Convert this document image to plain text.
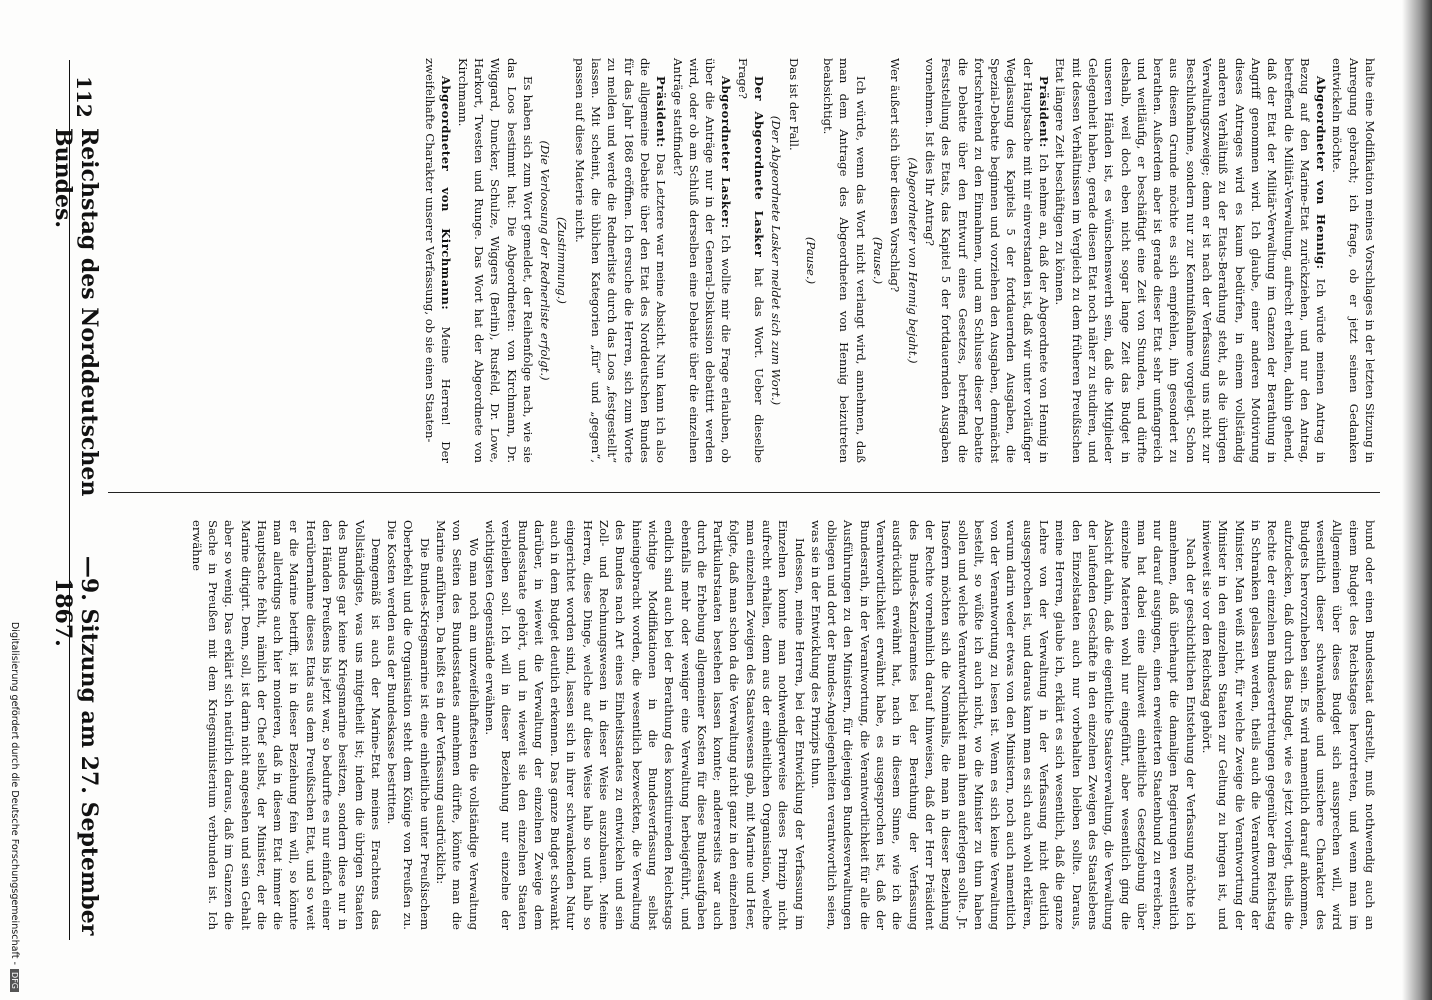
halte eine Modifikation meines Vorschlages in der letzten Sitzung in Anregung gebracht; ich frage, ob er jetzt seinen Gedanken entwickeln möchte.

Abgeordneter von Hennig: Ich würde meinen Antrag in Bezug auf den Marine-Etat zurückziehen, und nur den Antrag, betreffend die Militär-Verwaltung, aufrecht erhalten, dahin gehend, daß der Etat der Militär-Verwaltung im Ganzen der Berathung in Angriff genommen wird. Ich glaube, einer anderen Motivirung dieses Antrages wird es kaum bedürfen, in einem vollständig anderen Verhältniß zu der Etats-Berathung steht, als die übrigen Verwaltungszweige; denn er ist nach der Verfassung uns nicht zur Beschlußnahme, sondern nur zur Kenntnißnahme vorgelegt. Schon aus diesem Grunde möchte es sich empfehlen, ihn gesondert zu berathen. Außerdem aber ist gerade dieser Etat sehr umfangreich und weitläufig, er beschäftigt eine Zeit von Stunden, und dürfte deshalb, weil doch eben nicht sogar lange Zeit das Budget in unseren Händen ist, es wünschenswerth sein, daß die Mitglieder Gelegenheit haben, gerade diesen Etat noch näher zu studiren, und mit dessen Verhältnissen im Vergleich zu dem früheren Preußischen Etat längere Zeit beschäftigen zu können.

Präsident: Ich nehme an, daß der Abgeordnete von Hennig in der Hauptsache mit mir einverstanden ist, daß wir unter vorläufiger Weglassung des Kapitels 5 der fortdauernden Ausgaben, die Spezial-Debatte beginnen und vorziehen den Ausgaben, demnächst fortschreitend zu den Einnahmen, und am Schlusse dieser Debatte die Debatte über den Entwurf eines Gesetzes, betreffend die Feststellung des Etats, das Kapitel 5 der fortdauernden Ausgaben vornehmen. Ist dies Ihr Antrag?

(Abgeordneter von Hennig bejaht.)

Wer äußert sich über diesen Vorschlag?

(Pause.)

Ich würde, wenn das Wort nicht verlangt wird, annehmen, daß man dem Antrage des Abgeordneten von Hennig beizutreten beabsichtigt.

(Pause.)

Das ist der Fall.

(Der Abgeordnete Lasker meldet sich zum Wort.)

Der Abgeordnete Lasker hat das Wort. Ueber dieselbe Frage?

Abgeordneter Lasker: Ich wollte mir die Frage erlauben, ob über die Anträge nur in der General-Diskussion debattirt werden wird, oder ob am Schluß derselben eine Debatte über die einzelnen Anträge stattfindet?

Präsident: Das Letztere war meine Absicht. Nun kann ich also die allgemeine Debatte über den Etat des Norddeutschen Bundes für das Jahr 1868 eröffnen. Ich ersuche die Herren, sich zum Worte zu melden und werde die Rednerliste durch das Loos „festgestellt“ lassen. Mit scheint, die üblichen Kategorien „für“ und „gegen“, passen auf diese Materie nicht.

(Zustimmung.)

(Die Verloosung der Rednerliste erfolgt.)

Es haben sich zum Wort gemeldet, der Reihenfolge nach, wie sie das Loos bestimmt hat: Die Abgeordneten: von Kirchmann, Dr. Wiggard, Duncker, Schulze, Wiggers (Berlin), Rusfeld, Dr. Lowe, Harkort, Twesten und Runge. Das Wort hat der Abgeordnete von Kirchmann.

Abgeordneter von Kirchmann: Meine Herren! Der zweifelhafte Charakter unserer Verfassung, ob sie einen Staaten-

bund oder einen Bundesstaat darstellt, muß nothwendig auch an einem Budget des Reichstages hervortreten, und wenn man im Allgemeinen über dieses Budget sich aussprechen will, wird wesentlich dieser schwankende und unsichere Charakter des Budgets hervorzuheben sein. Es wird namentlich darauf ankommen, aufzudecken, daß durch das Budget, wie es jetzt vorliegt, theils die Rechte der einzelnen Bundesvertretungen gegenüber dem Reichstag in Schranken gelassen werden, theils auch die Verantwortung der Minister. Man weiß nicht, für welche Zweige die Verantwortung der Minister in den einzelnen Staaten zur Geltung zu bringen ist, und inwieweit sie vor den Reichstag gehört.

Nach der geschichtlichen Entstehung der Verfassung möchte ich annehmen, daß überhaupt die damaligen Regierungen wesentlich nur darauf ausgingen, einen erweiterten Staatenbund zu erreichen; man hat dabei eine allzuweit einheitliche Gesetzgebung über einzelne Materien wohl nur eingeführt, aber wesentlich ging die Absicht dahin, daß die eigentliche Staatsverwaltung, die Verwaltung der laufenden Geschäfte in den einzelnen Zweigen des Staatslebens den Einzelstaaten auch nur vorbehalten bleiben sollte. Daraus, meine Herren, glaube ich, erklärt es sich wesentlich, daß die ganze Lehre von der Verwaltung in der Verfassung nicht deutlich ausgesprochen ist, und daraus kann man es sich auch wohl erklären, warum darin weder etwas von den Ministern, noch auch namentlich von der Verantwortung zu lesen ist. Wenn es sich keine Verwaltung bestellt, so wüßte ich auch nicht, wo die Minister zu thun haben sollen und welche Verantwortlichkeit man ihnen auferlegen sollte. Jr. Insofern möchten sich die Nominalis, die man in dieser Beziehung der Rechte vornehmlich darauf hinweisen, daß der Herr Präsident des Bundes-Kanzleramtes bei der Berathung der Verfassung ausdrücklich erwähnt hat, nach in diesem Sinne, wie ich die Verantwortlichkeit erwähnt habe, es ausgesprochen ist, daß der Bundesrath, in der Verantwortung, die Verantwortlichkeit für alle die Ausführungen zu den Ministern, für diejenigen Bundesverwaltungen obliegen und dort der Bundes-Angelegenheiten verantwortlich seien, was sie in der Entwicklung des Prinzips thun.

Indessen, meine Herren, bei der Entwicklung der Verfassung im Einzelnen konnte man nothwendigerweise dieses Prinzip nicht aufrecht erhalten, denn aus der einheitlichen Organisation, welche man einzelnen Zweigen des Staatswesens gab, mit Marine und Heer, folgte, daß man schon da die Verwaltung nicht ganz in den einzelnen Partikularstaaten bestehen lassen konnte; andererseits war auch durch die Erhebung allgemeiner Kosten für diese Bundesaufgaben ebenfalls mehr oder weniger eine Verwaltung herbeigeführt, und endlich sind auch bei der Berathung des konstituirenden Reichstags wichtige Modifikationen in die Bundesverfassung selbst hineingebracht worden, die wesentlich bezweckten, die Verwaltung des Bundes nach Art eines Einheitsstaates zu entwickeln und sein Zoll- und Rechnungswesen in dieser Weise auszubauen. Meine Herren, diese Dinge, welche auf diese Weise halb so und halb so eingerichtet worden sind, lassen sich in ihrer schwankenden Natur auch in dem Budget deutlich erkennen. Das ganze Budget schwankt darüber, in wieweit die Verwaltung der einzelnen Zweige dem Bundesstaate gehört, und in wieweit sie den einzelnen Staaten verbleiben soll. Ich will in dieser Beziehung nur einzelne der wichtigsten Gegenstände erwähnen.

Wo man noch am unzweifelhaftesten die vollständige Verwaltung von Seiten des Bundesstaates annehmen dürfte, könnte man die Marine anführen. Da heißt es in der Verfassung ausdrücklich:

Die Bundes-Kriegsmarine ist eine einheitliche unter Preußischem Oberbefehl und die Organisation steht dem Könige von Preußen zu. Die Kosten werden aus der Bundeskasse bestritten.

Demgemäß ist auch der Marine-Etat meines Erachtens das Vollständigste, was uns mitgetheilt ist; indem die übrigen Staaten des Bundes gar keine Kriegsmarine besitzen, sondern diese nur in den Händen Preußens bis jetzt war, so bedurfte es nur einfach einer Herübernahme dieses Etats aus dem Preußischen Etat, und so weit er die Marine betrifft, ist in dieser Beziehung fein will, so könnte man allerdings auch hier monieren, daß in diesem Etat immer die Hauptsache fehlt, nämlich der Chef selbst, der Minister, der die Marine dirigirt. Denn, soll, ist darin nicht angesehen und sein Gehalt aber so wenig. Das erklärt sich natürlich daraus, daß im Ganzen die Sache in Preußen mit dem Kriegsministerium verbunden ist. Ich erwähne

112
Reichstag des Norddeutschen Bundes.
—
9. Sitzung am 27. September 1867.
Digitalisierung gefördert durch die Deutsche Forschungsgemeinschaft -DFG
